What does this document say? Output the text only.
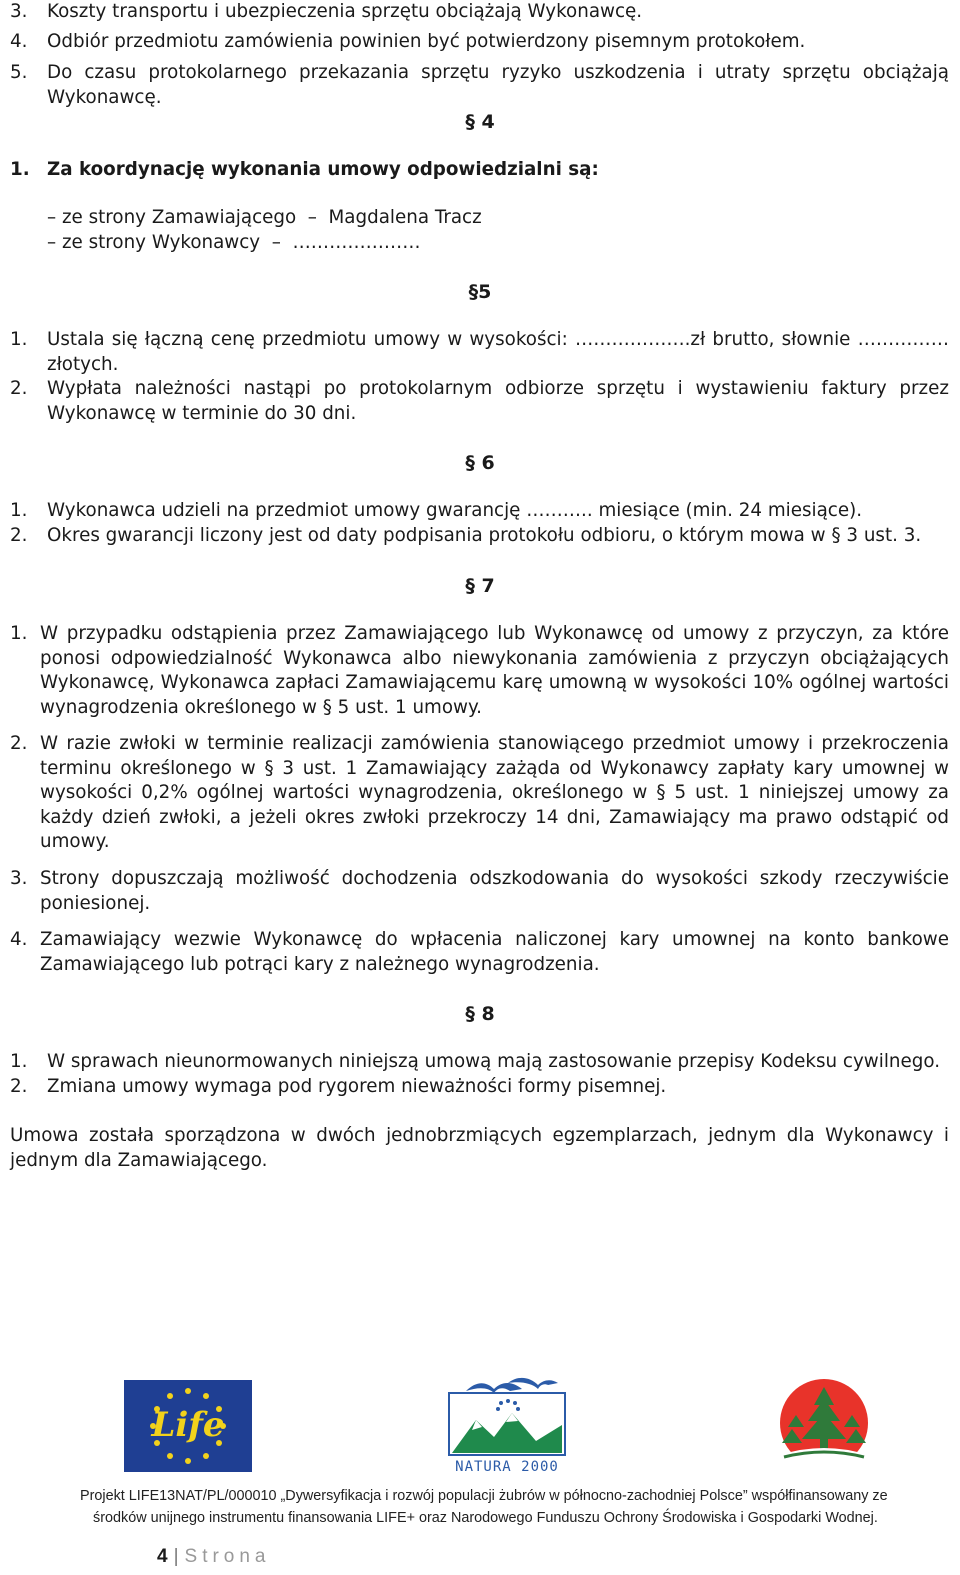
3.	Koszty transportu i ubezpieczenia sprzętu obciążają Wykonawcę.
4.	Odbiór przedmiotu zamówienia powinien być potwierdzony pisemnym protokołem.
5.	Do czasu protokolarnego przekazania sprzętu ryzyko uszkodzenia i utraty sprzętu obciążają Wykonawcę.
§ 4
1. Za koordynację wykonania umowy odpowiedzialni są:
– ze strony Zamawiającego  –  Magdalena Tracz
– ze strony Wykonawcy  –  …………………
§5
1.	Ustala się łączną cenę przedmiotu umowy w wysokości: ……………….zł brutto, słownie ……………złotych.
2.	Wypłata należności nastąpi po protokolarnym odbiorze sprzętu i wystawieniu faktury przez Wykonawcę w terminie do 30 dni.
§ 6
1.	Wykonawca udzieli na przedmiot umowy gwarancję ……….. miesiące (min. 24 miesiące).
2.	Okres gwarancji liczony jest od daty podpisania protokołu odbioru, o którym mowa w § 3 ust. 3.
§ 7
1. W przypadku odstąpienia przez Zamawiającego lub Wykonawcę od umowy z przyczyn, za które ponosi odpowiedzialność Wykonawca albo niewykonania zamówienia z przyczyn obciążających Wykonawcę, Wykonawca zapłaci Zamawiającemu karę umowną w wysokości 10% ogólnej wartości wynagrodzenia określonego w § 5 ust. 1 umowy.
2. W razie zwłoki w terminie realizacji zamówienia stanowiącego przedmiot umowy i przekroczenia terminu określonego w § 3 ust. 1 Zamawiający zażąda od Wykonawcy zapłaty kary umownej w wysokości 0,2% ogólnej wartości wynagrodzenia, określonego w § 5 ust. 1 niniejszej umowy za każdy dzień zwłoki, a jeżeli okres zwłoki przekroczy 14 dni, Zamawiający ma prawo odstąpić od umowy.
3. Strony dopuszczają możliwość dochodzenia odszkodowania do wysokości szkody rzeczywiście poniesionej.
4. Zamawiający wezwie Wykonawcę do wpłacenia naliczonej kary umownej na konto bankowe Zamawiającego lub potrąci kary z należnego wynagrodzenia.
§ 8
1.	W sprawach nieunormowanych niniejszą umową mają zastosowanie przepisy Kodeksu cywilnego.
2.	Zmiana umowy wymaga pod rygorem nieważności formy pisemnej.
Umowa została sporządzona w dwóch jednobrzmiących egzemplarzach, jednym dla Wykonawcy i jednym dla Zamawiającego.
Life
NATURA 2000
Projekt LIFE13NAT/PL/000010 „Dywersyfikacja i rozwój populacji żubrów w północno-zachodniej Polsce” współfinansowany ze
środków unijnego instrumentu finansowania LIFE+ oraz Narodowego Funduszu Ochrony Środowiska i Gospodarki Wodnej.
4 | Strona
